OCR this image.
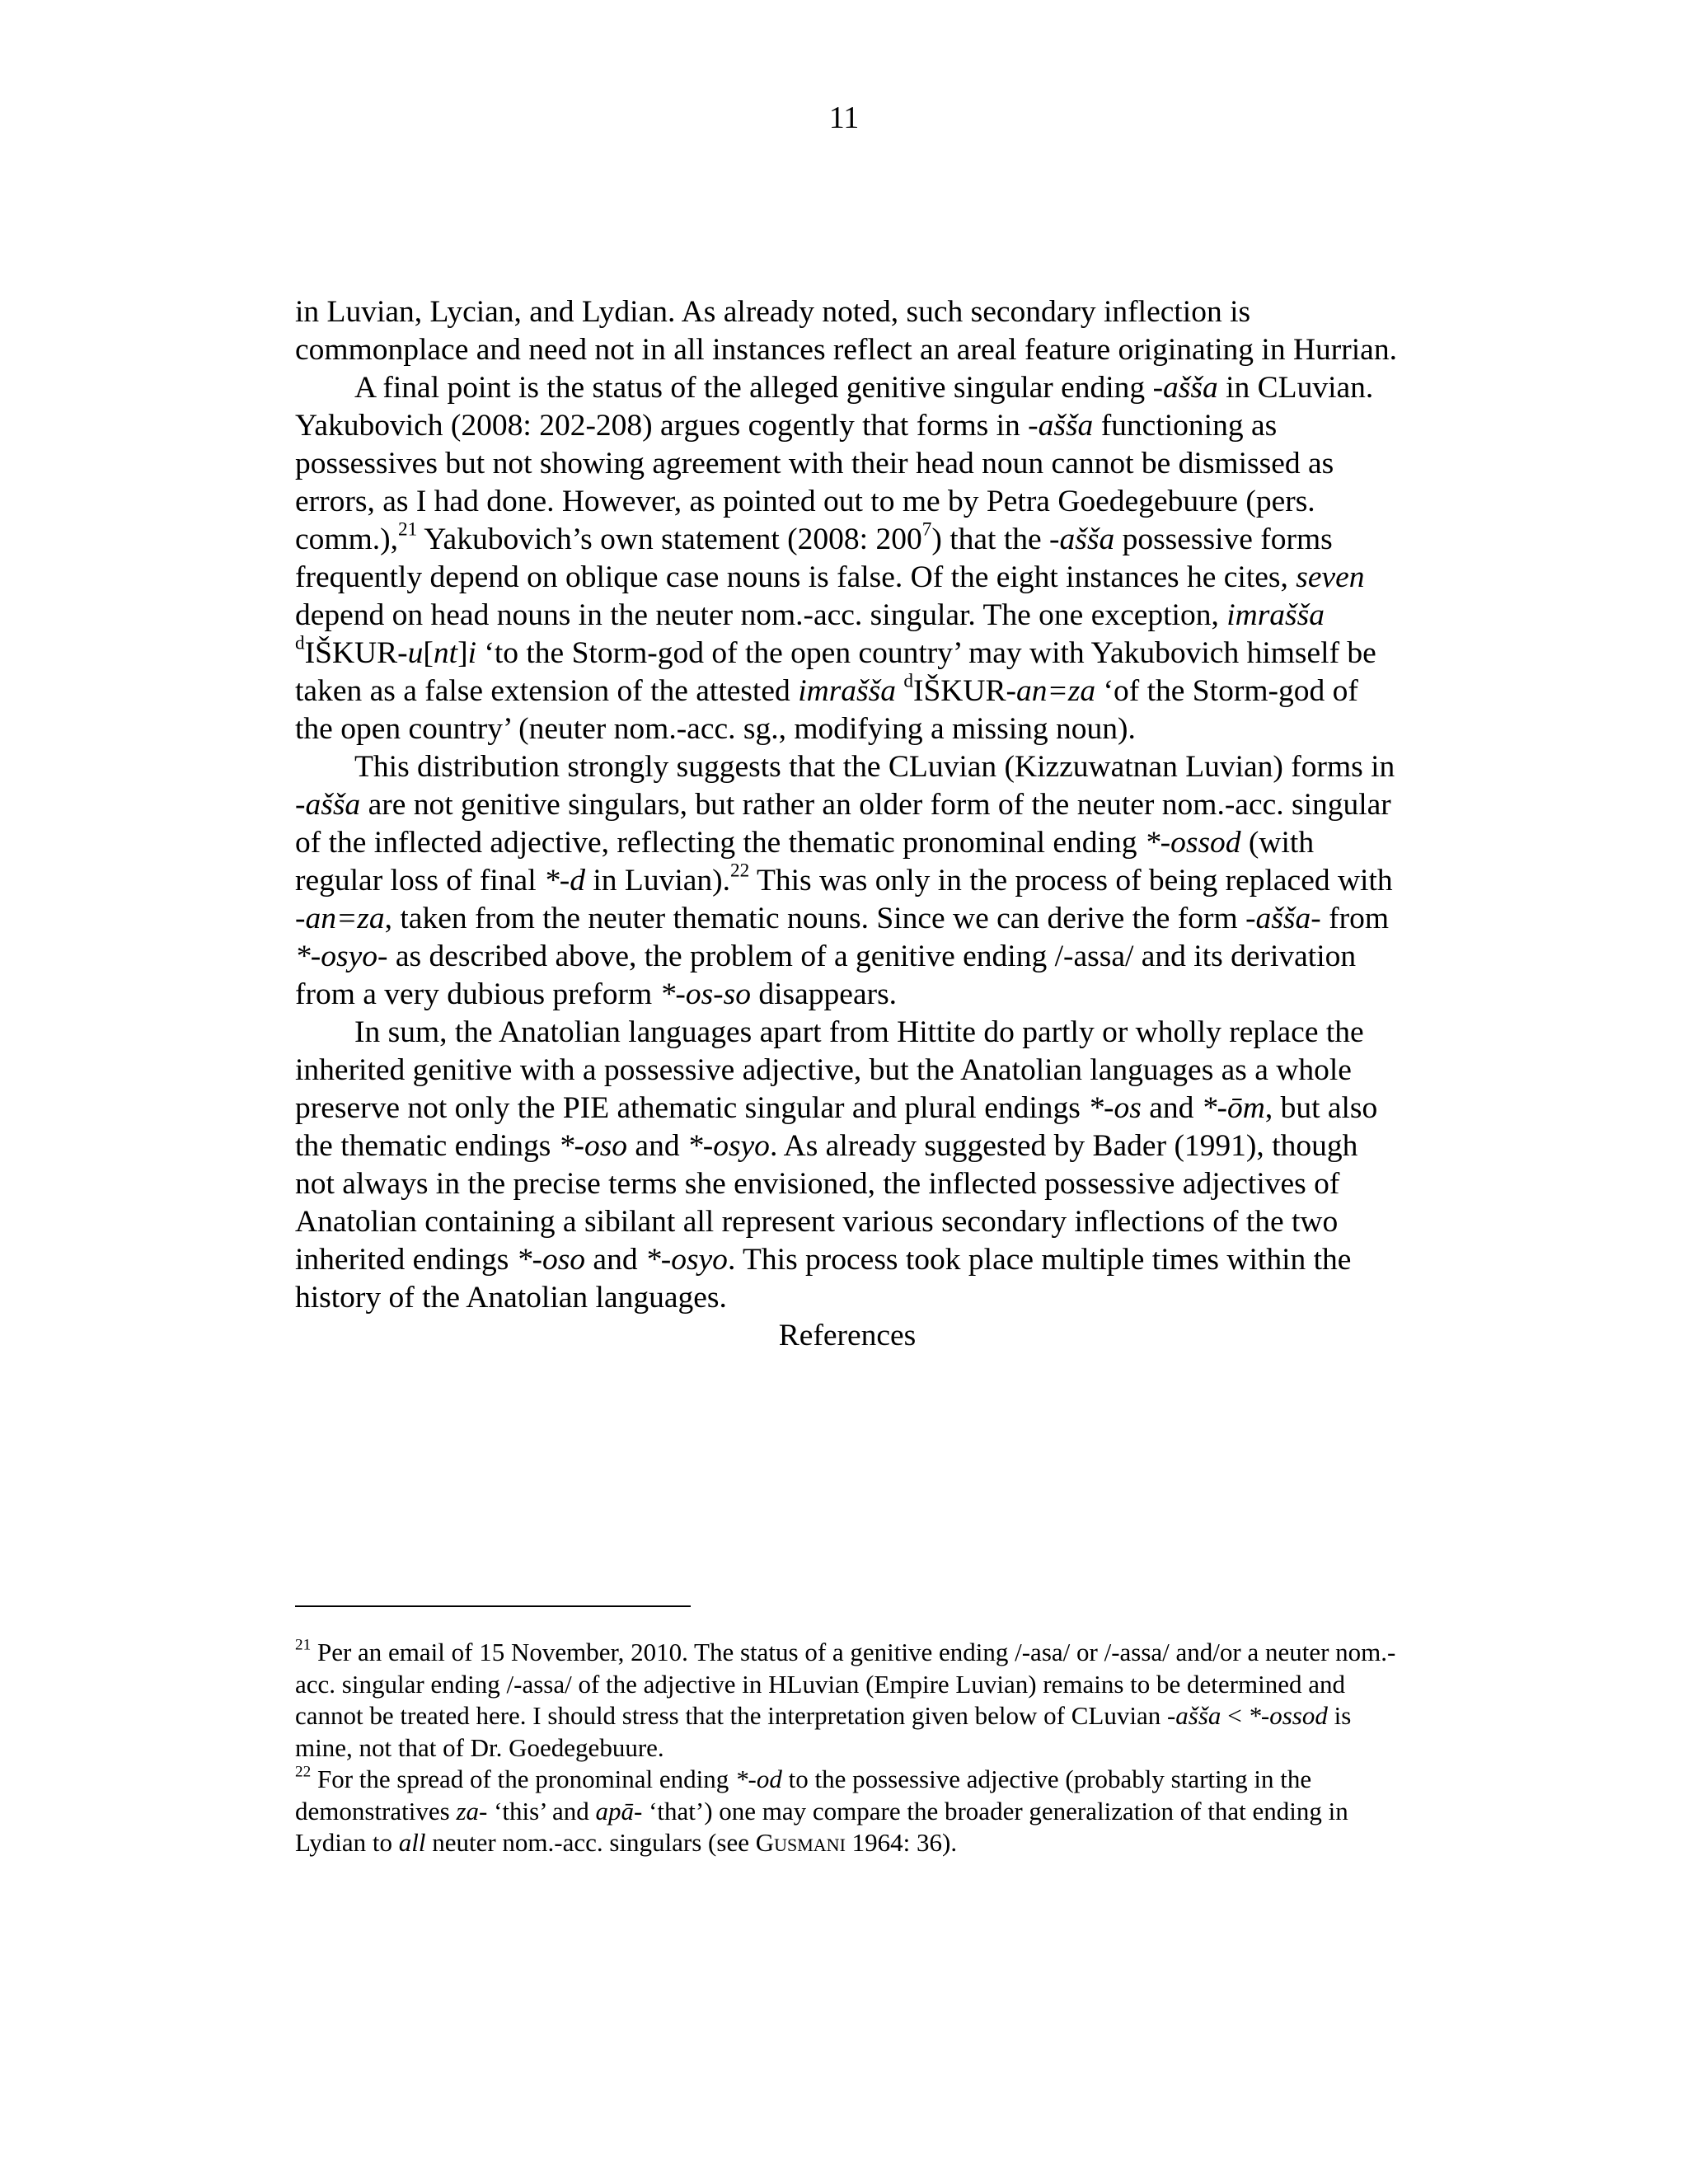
11

in Luvian, Lycian, and Lydian. As already noted, such secondary inflection is commonplace and need not in all instances reflect an areal feature originating in Hurrian.

A final point is the status of the alleged genitive singular ending -ašša in CLuvian. Yakubovich (2008: 202-208) argues cogently that forms in -ašša functioning as possessives but not showing agreement with their head noun cannot be dismissed as errors, as I had done. However, as pointed out to me by Petra Goedegebuure (pers. comm.),$^{21}$ Yakubovich’s own statement (2008: $200^7$) that the -ašša possessive forms frequently depend on oblique case nouns is false. Of the eight instances he cites, seven depend on head nouns in the neuter nom.-acc. singular. The one exception, imrašša $^d$IŠKUR-u[nt]i ‘to the Storm-god of the open country’ may with Yakubovich himself be taken as a false extension of the attested imrašša $^d$IŠKUR-an=za ‘of the Storm-god of the open country’ (neuter nom.-acc. sg., modifying a missing noun).

This distribution strongly suggests that the CLuvian (Kizzuwatnan Luvian) forms in -ašša are not genitive singulars, but rather an older form of the neuter nom.-acc. singular of the inflected adjective, reflecting the thematic pronominal ending *-ossod (with regular loss of final *-d in Luvian).$^{22}$ This was only in the process of being replaced with -an=za, taken from the neuter thematic nouns. Since we can derive the form -ašša- from *-osyo- as described above, the problem of a genitive ending /-assa/ and its derivation from a very dubious preform *-os-so disappears.

In sum, the Anatolian languages apart from Hittite do partly or wholly replace the inherited genitive with a possessive adjective, but the Anatolian languages as a whole preserve not only the PIE athematic singular and plural endings *-os and *-ōm, but also the thematic endings *-oso and *-osyo. As already suggested by Bader (1991), though not always in the precise terms she envisioned, the inflected possessive adjectives of Anatolian containing a sibilant all represent various secondary inflections of the two inherited endings *-oso and *-osyo. This process took place multiple times within the history of the Anatolian languages.

References

$^{21}$ Per an email of 15 November, 2010. The status of a genitive ending /-asa/ or /-assa/ and/or a neuter nom.-acc. singular ending /-assa/ of the adjective in HLuvian (Empire Luvian) remains to be determined and cannot be treated here. I should stress that the interpretation given below of CLuvian -ašša < *-ossod is mine, not that of Dr. Goedegebuure.

$^{22}$ For the spread of the pronominal ending *-od to the possessive adjective (probably starting in the demonstratives za- ‘this’ and apā- ‘that’) one may compare the broader generalization of that ending in Lydian to all neuter nom.-acc. singulars (see Gusmani 1964: 36).
